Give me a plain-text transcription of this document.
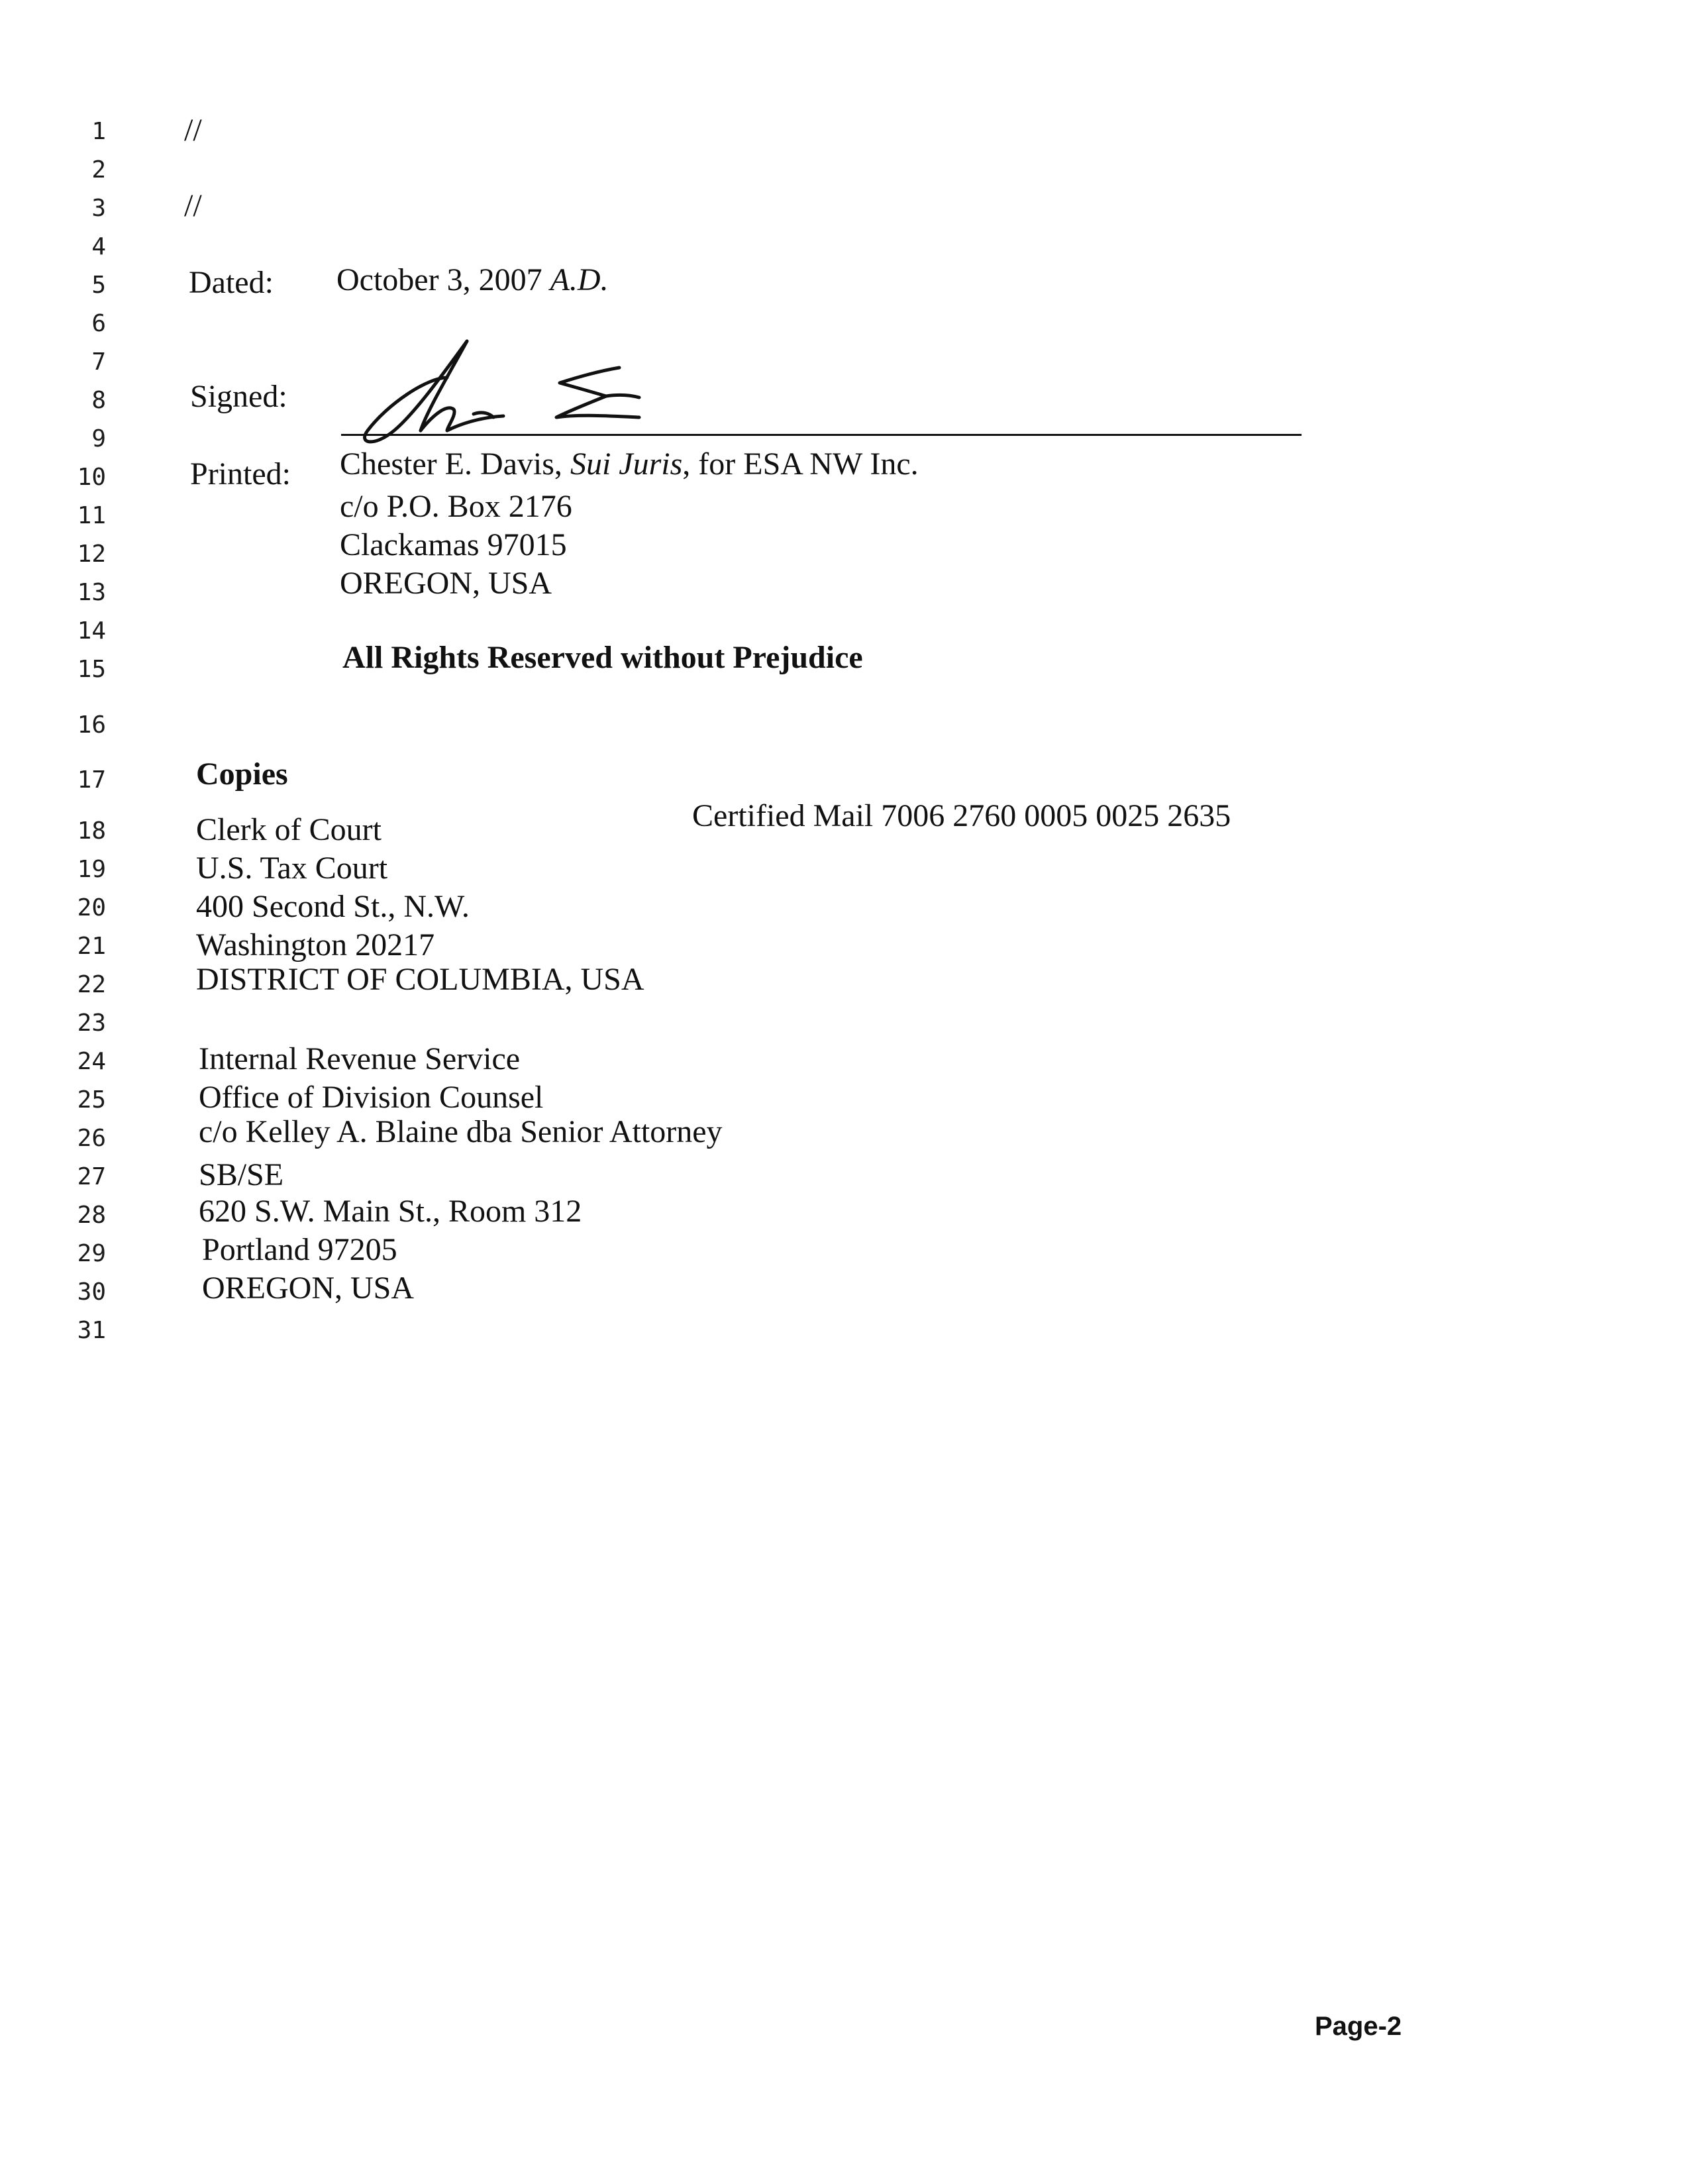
1
2
3
4
5
6
7
8
9
10
11
12
13
14
15
16
17
18
19
20
21
22
23
24
25
26
27
28
29
30
31
//
//
Dated: October 3, 2007 A.D.
Signed:
Printed: Chester E. Davis, Sui Juris, for ESA NW Inc.
c/o P.O. Box 2176
Clackamas 97015
OREGON, USA
All Rights Reserved without Prejudice
Copies
Certified Mail 7006 2760 0005 0025 2635
Clerk of Court
U.S. Tax Court
400 Second St., N.W.
Washington 20217
DISTRICT OF COLUMBIA, USA
Internal Revenue Service
Office of Division Counsel
c/o Kelley A. Blaine dba Senior Attorney
SB/SE
620 S.W. Main St., Room 312
Portland 97205
OREGON, USA
Page-2
